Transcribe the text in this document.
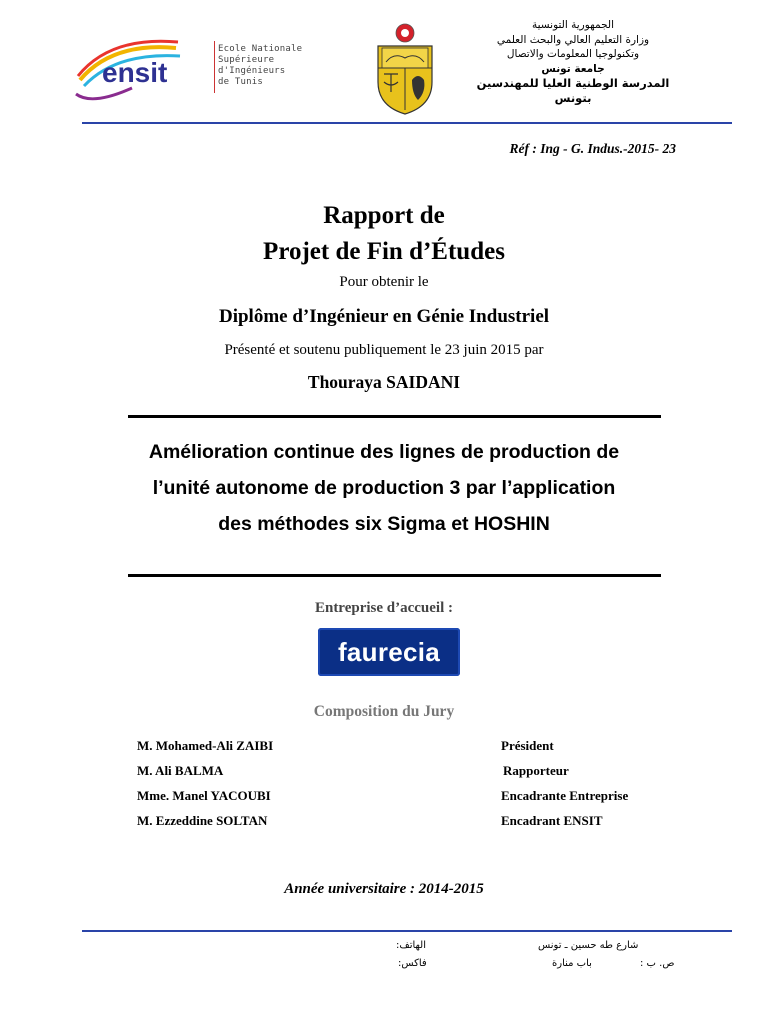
ensit
Ecole Nationale
Supérieure
d'Ingénieurs
de Tunis
الجمهورية التونسية
وزارة التعليم العالي والبحث العلمي
وتكنولوجيا المعلومات والاتصال
جامعة تونس
المدرسة الوطنية العليا للمهندسين بتونس
Réf : Ing - G. Indus.-2015- 23
Rapport de
Projet de Fin d’Études
Pour obtenir le
Diplôme d’Ingénieur en Génie Industriel
Présenté et soutenu publiquement le 23 juin 2015 par
Thouraya SAIDANI
Amélioration continue des lignes de production de
l’unité autonome de production 3 par l’application
des méthodes six Sigma et HOSHIN
Entreprise d’accueil :
faurecia
Composition du Jury
M. Mohamed-Ali ZAIBI	Président
M. Ali BALMA	Rapporteur
Mme. Manel YACOUBI	Encadrante Entreprise
M. Ezzeddine SOLTAN	Encadrant ENSIT
Année universitaire : 2014-2015
الهاتف:
فاكس:
شارع طه حسين ـ تونس
ص. ب :
باب منارة
